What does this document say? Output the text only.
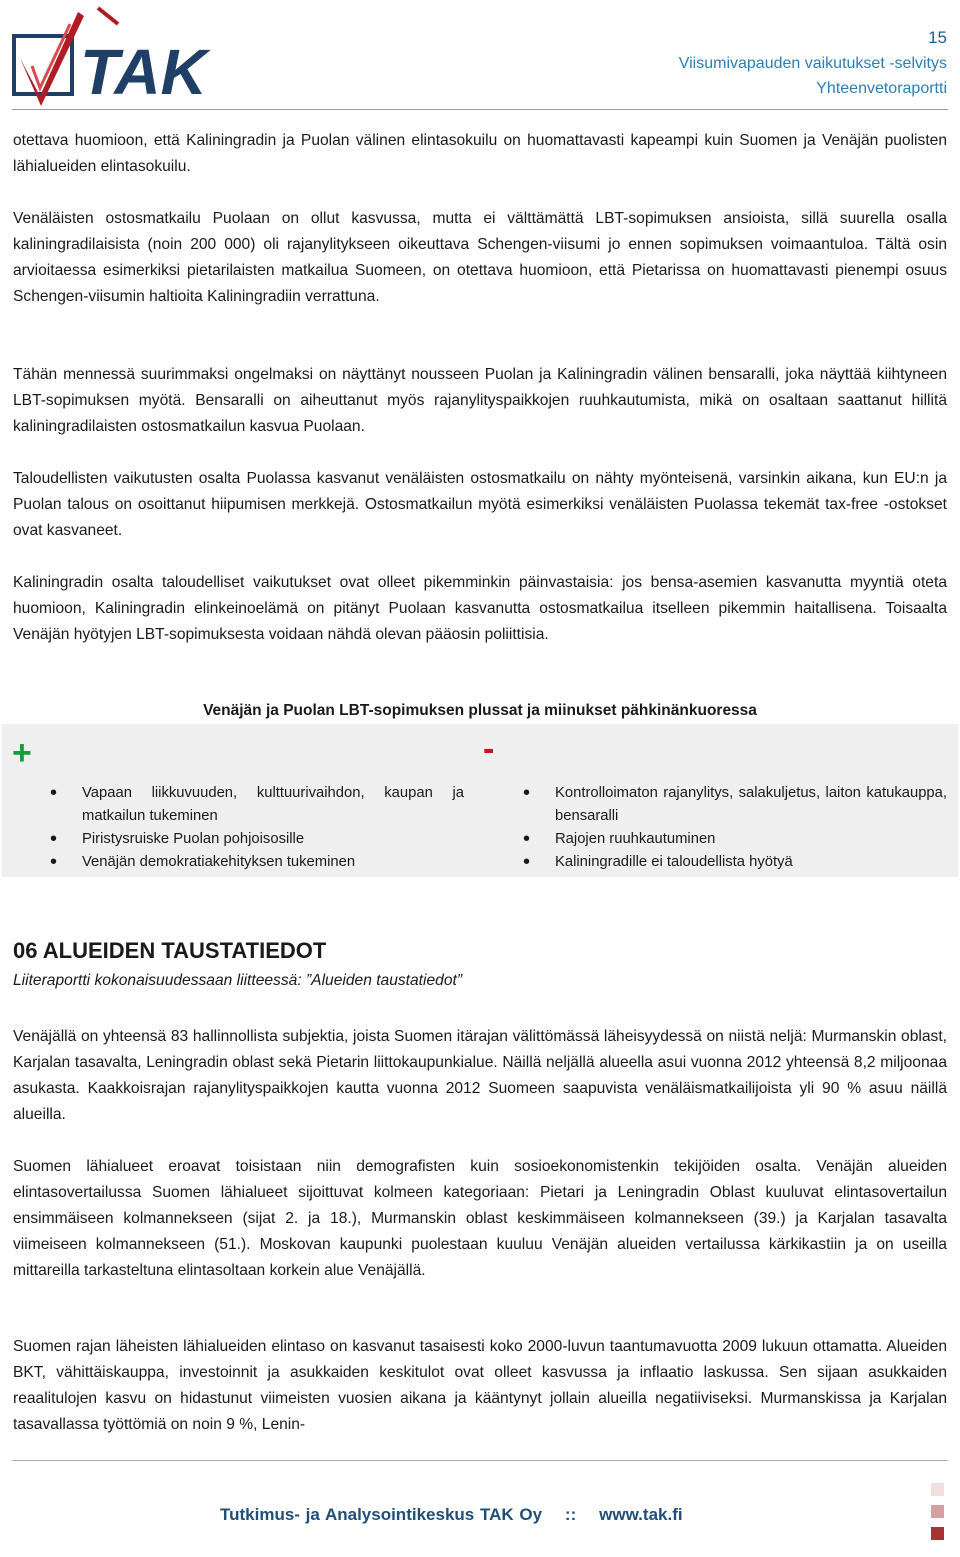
TAK	15
Viisumivapauden vaikutukset -selvitys
Yhteenvetoraportti

otettava huomioon, että Kaliningradin ja Puolan välinen elintasokuilu on huomattavasti kapeampi kuin Suomen ja Venäjän puolisten lähialueiden elintasokuilu.

Venäläisten ostosmatkailu Puolaan on ollut kasvussa, mutta ei välttämättä LBT-sopimuksen ansioista, sillä suurella osalla kaliningradilaisista (noin 200 000) oli rajanylitykseen oikeuttava Schengen-viisumi jo ennen sopimuksen voimaantuloa. Tältä osin arvioitaessa esimerkiksi pietarilaisten matkailua Suomeen, on otettava huomioon, että Pietarissa on huomattavasti pienempi osuus Schengen-viisumin haltioita Kaliningradiin verrattuna.

Tähän mennessä suurimmaksi ongelmaksi on näyttänyt nousseen Puolan ja Kaliningradin välinen bensaralli, joka näyttää kiihtyneen LBT-sopimuksen myötä. Bensaralli on aiheuttanut myös rajanylityspaikkojen ruuhkautumista, mikä on osaltaan saattanut hillitä kaliningradilaisten ostosmatkailun kasvua Puolaan.

Taloudellisten vaikutusten osalta Puolassa kasvanut venäläisten ostosmatkailu on nähty myönteisenä, varsinkin aikana, kun EU:n ja Puolan talous on osoittanut hiipumisen merkkejä. Ostosmatkailun myötä esimerkiksi venäläisten Puolassa tekemät tax-free -ostokset ovat kasvaneet.

Kaliningradin osalta taloudelliset vaikutukset ovat olleet pikemminkin päinvastaisia: jos bensa-asemien kasvanutta myyntiä oteta huomioon, Kaliningradin elinkeinoelämä on pitänyt Puolaan kasvanutta ostosmatkailua itselleen pikemmin haitallisena. Toisaalta Venäjän hyötyjen LBT-sopimuksesta voidaan nähdä olevan pääosin poliittisia.

Venäjän ja Puolan LBT-sopimuksen plussat ja miinukset pähkinänkuoressa
+	-
• Vapaan liikkuvuuden, kulttuurivaihdon, kaupan ja matkailun tukeminen
• Piristysruiske Puolan pohjoisosille
• Venäjän demokratiakehityksen tukeminen
• Kontrolloimaton rajanylitys, salakuljetus, laiton katukauppa, bensaralli
• Rajojen ruuhkautuminen
• Kaliningradille ei taloudellista hyötyä
06 ALUEIDEN TAUSTATIEDOT
Liiteraportti kokonaisuudessaan liitteessä: ”Alueiden taustatiedot”

Venäjällä on yhteensä 83 hallinnollista subjektia, joista Suomen itärajan välittömässä läheisyydessä on niistä neljä: Murmanskin oblast, Karjalan tasavalta, Leningradin oblast sekä Pietarin liittokaupunkialue. Näillä neljällä alueella asui vuonna 2012 yhteensä 8,2 miljoonaa asukasta. Kaakkoisrajan rajanylityspaikkojen kautta vuonna 2012 Suomeen saapuvista venäläismatkailijoista yli 90 % asuu näillä alueilla.

Suomen lähialueet eroavat toisistaan niin demografisten kuin sosioekonomistenkin tekijöiden osalta. Venäjän alueiden elintasovertailussa Suomen lähialueet sijoittuvat kolmeen kategoriaan: Pietari ja Leningradin Oblast kuuluvat elintasovertailun ensimmäiseen kolmannekseen (sijat 2. ja 18.), Murmanskin oblast keskimmäiseen kolmannekseen (39.) ja Karjalan tasavalta viimeiseen kolmannekseen (51.). Moskovan kaupunki puolestaan kuuluu Venäjän alueiden vertailussa kärkikastiin ja on useilla mittareilla tarkasteltuna elintasoltaan korkein alue Venäjällä.

Suomen rajan läheisten lähialueiden elintaso on kasvanut tasaisesti koko 2000-luvun taantumavuotta 2009 lukuun ottamatta. Alueiden BKT, vähittäiskauppa, investoinnit ja asukkaiden keskitulot ovat olleet kasvussa ja inflaatio laskussa. Sen sijaan asukkaiden reaalitulojen kasvu on hidastunut viimeisten vuosien aikana ja kääntynyt jollain alueilla negatiiviseksi. Murmanskissa ja Karjalan tasavallassa työttömiä on noin 9 %, Lenin-

Tutkimus- ja Analysointikeskus TAK Oy    ::    www.tak.fi
